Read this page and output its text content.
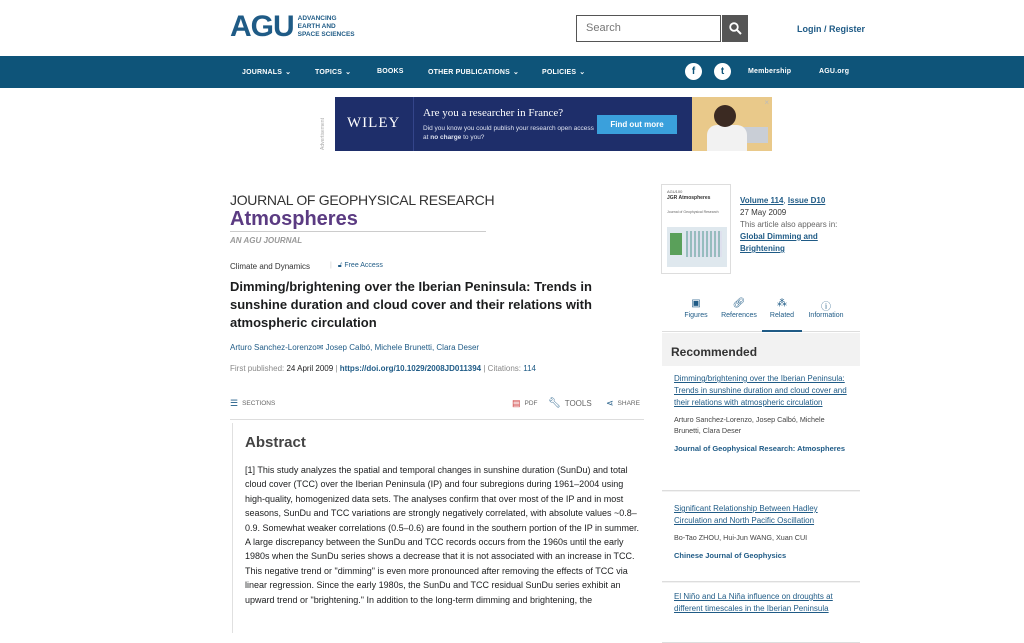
AGU ADVANCING
EARTH AND
SPACE SCIENCES
Search	Login / Register
JOURNALS ⌄	TOPICS ⌄	BOOKS	OTHER PUBLICATIONS ⌄	POLICIES ⌄	f	t	Membership	AGU.org
Advertisement WILEY
Are you a researcher in France?
Did you know you could publish your research open access at no charge to you?
Find out more
×
JOURNAL OF GEOPHYSICAL RESEARCH
Atmospheres
AN AGU JOURNAL
Climate and Dynamics	| 🔓︎ Free Access
Dimming/brightening over the Iberian Peninsula: Trends in sunshine duration and cloud cover and their relations with atmospheric circulation
Arturo Sanchez-Lorenzo✉ Josep Calbó, Michele Brunetti, Clara Deser
First published: 24 April 2009 | https://doi.org/10.1029/2008JD011394 | Citations: 114
☰ SECTIONS	▤ PDF 🔧︎ TOOLS ⋖ SHARE
Abstract

[1] This study analyzes the spatial and temporal changes in sunshine duration (SunDu) and total cloud cover (TCC) over the Iberian Peninsula (IP) and four subregions during 1961–2004 using high-quality, homogenized data sets. The analyses confirm that over most of the IP and in most seasons, SunDu and TCC variations are strongly negatively correlated, with absolute values ~0.8–0.9. Somewhat weaker correlations (0.5–0.6) are found in the southern portion of the IP in summer. A large discrepancy between the SunDu and TCC records occurs from the 1960s until the early 1980s when the SunDu series shows a decrease that it is not associated with an increase in TCC. This negative trend or "dimming" is even more pronounced after removing the effects of TCC via linear regression. Since the early 1980s, the SunDu and TCC residual SunDu series exhibit an upward trend or "brightening." In addition to the long-term dimming and brightening, the

AGU100
JGR Atmospheres
Journal of Geophysical Research
Volume 114, Issue D10
27 May 2009
This article also appears in:
Global Dimming and Brightening
▣
Figures
🔗︎
References
⁂
Related
ⓘ
Information
Recommended
Dimming/brightening over the Iberian Peninsula: Trends in sunshine duration and cloud cover and their relations with atmospheric circulation
Arturo Sanchez-Lorenzo, Josep Calbó, Michele Brunetti, Clara Deser
Journal of Geophysical Research: Atmospheres
Significant Relationship Between Hadley Circulation and North Pacific Oscillation
Bo-Tao ZHOU, Hui-Jun WANG, Xuan CUI
Chinese Journal of Geophysics
El Niño and La Niña influence on droughts at different timescales in the Iberian Peninsula
